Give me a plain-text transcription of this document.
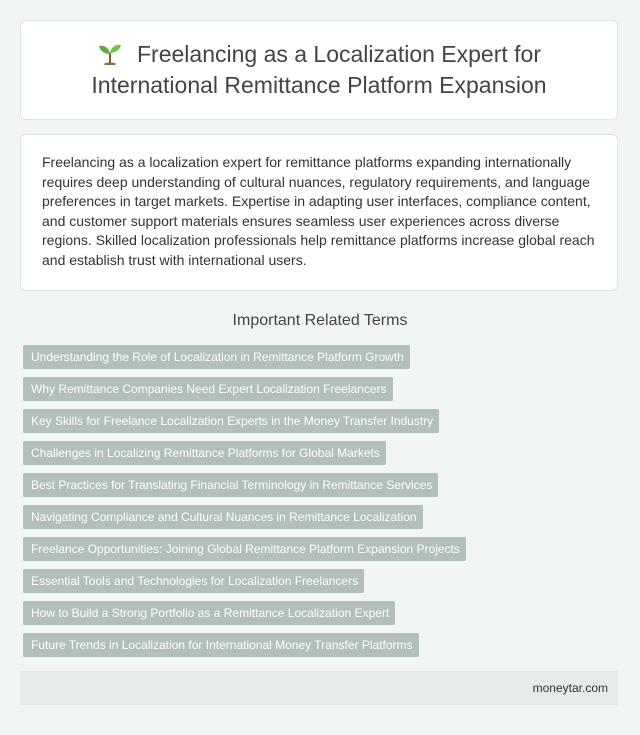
Freelancing as a Localization Expert for International Remittance Platform Expansion

Freelancing as a localization expert for remittance platforms expanding internationally requires deep understanding of cultural nuances, regulatory requirements, and language preferences in target markets. Expertise in adapting user interfaces, compliance content, and customer support materials ensures seamless user experiences across diverse regions. Skilled localization professionals help remittance platforms increase global reach and establish trust with international users.

Important Related Terms
Understanding the Role of Localization in Remittance Platform Growth
Why Remittance Companies Need Expert Localization Freelancers
Key Skills for Freelance Localization Experts in the Money Transfer Industry
Challenges in Localizing Remittance Platforms for Global Markets
Best Practices for Translating Financial Terminology in Remittance Services
Navigating Compliance and Cultural Nuances in Remittance Localization
Freelance Opportunities: Joining Global Remittance Platform Expansion Projects
Essential Tools and Technologies for Localization Freelancers
How to Build a Strong Portfolio as a Remittance Localization Expert
Future Trends in Localization for International Money Transfer Platforms
moneytar.com
